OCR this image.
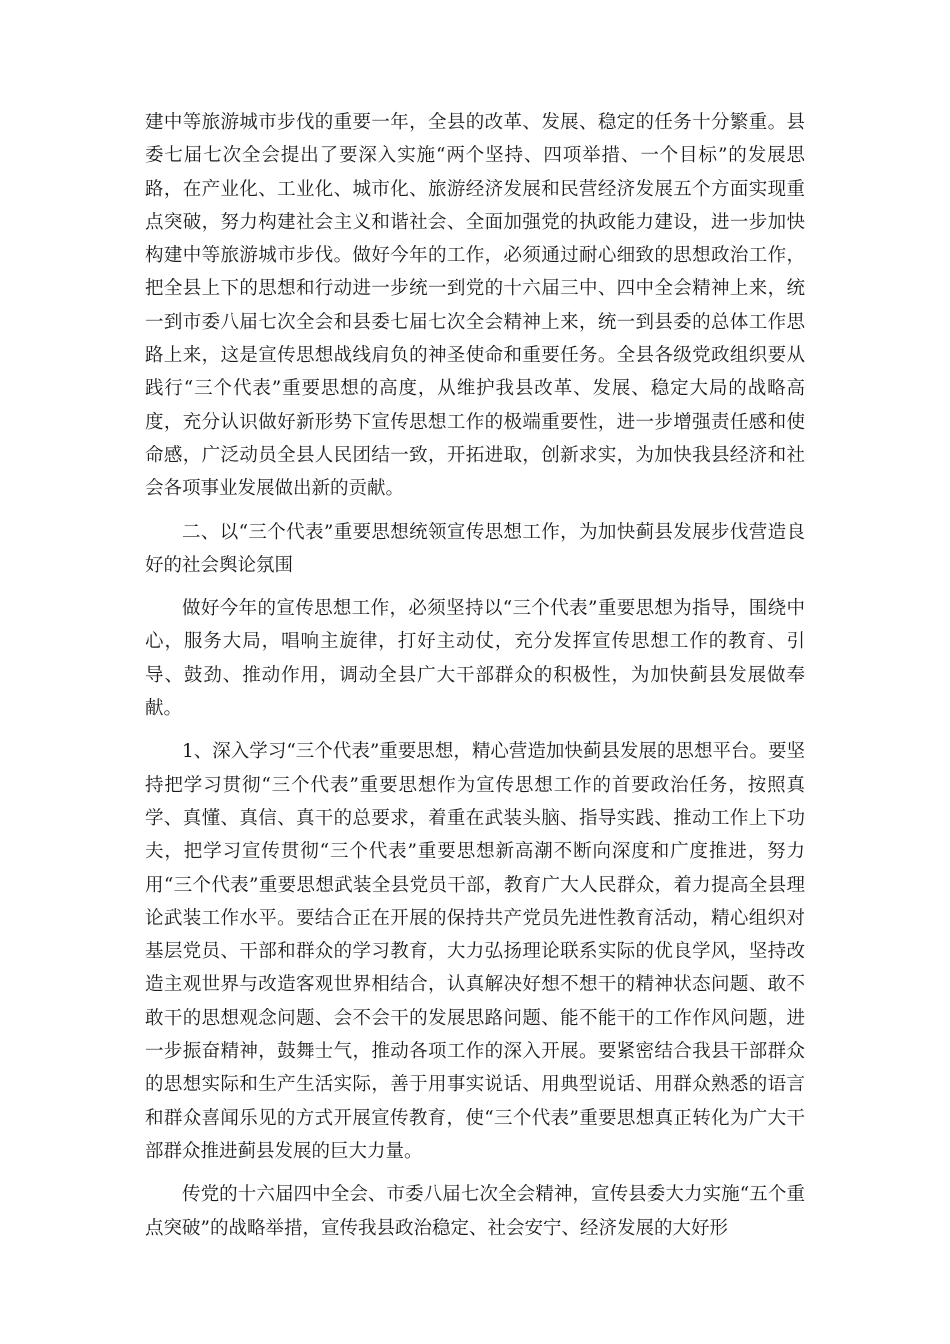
建中等旅游城市步伐的重要一年，全县的改革、发展、稳定的任务十分繁重。县委七届七次全会提出了要深入实施“两个坚持、四项举措、一个目标”的发展思路，在产业化、工业化、城市化、旅游经济发展和民营经济发展五个方面实现重点突破，努力构建社会主义和谐社会、全面加强党的执政能力建设，进一步加快构建中等旅游城市步伐。做好今年的工作，必须通过耐心细致的思想政治工作，把全县上下的思想和行动进一步统一到党的十六届三中、四中全会精神上来，统一到市委八届七次全会和县委七届七次全会精神上来，统一到县委的总体工作思路上来，这是宣传思想战线肩负的神圣使命和重要任务。全县各级党政组织要从践行“三个代表”重要思想的高度，从维护我县改革、发展、稳定大局的战略高度，充分认识做好新形势下宣传思想工作的极端重要性，进一步增强责任感和使命感，广泛动员全县人民团结一致，开拓进取，创新求实，为加快我县经济和社会各项事业发展做出新的贡献。

二、以“三个代表”重要思想统领宣传思想工作，为加快蓟县发展步伐营造良好的社会舆论氛围

做好今年的宣传思想工作，必须坚持以“三个代表”重要思想为指导，围绕中心，服务大局，唱响主旋律，打好主动仗，充分发挥宣传思想工作的教育、引导、鼓劲、推动作用，调动全县广大干部群众的积极性，为加快蓟县发展做奉献。

1、深入学习“三个代表”重要思想，精心营造加快蓟县发展的思想平台。要坚持把学习贯彻“三个代表”重要思想作为宣传思想工作的首要政治任务，按照真学、真懂、真信、真干的总要求，着重在武装头脑、指导实践、推动工作上下功夫，把学习宣传贯彻“三个代表”重要思想新高潮不断向深度和广度推进，努力用“三个代表”重要思想武装全县党员干部，教育广大人民群众，着力提高全县理论武装工作水平。要结合正在开展的保持共产党员先进性教育活动，精心组织对基层党员、干部和群众的学习教育，大力弘扬理论联系实际的优良学风，坚持改造主观世界与改造客观世界相结合，认真解决好想不想干的精神状态问题、敢不敢干的思想观念问题、会不会干的发展思路问题、能不能干的工作作风问题，进一步振奋精神，鼓舞士气，推动各项工作的深入开展。要紧密结合我县干部群众的思想实际和生产生活实际，善于用事实说话、用典型说话、用群众熟悉的语言和群众喜闻乐见的方式开展宣传教育，使“三个代表”重要思想真正转化为广大干部群众推进蓟县发展的巨大力量。

传党的十六届四中全会、市委八届七次全会精神，宣传县委大力实施“五个重点突破”的战略举措，宣传我县政治稳定、社会安宁、经济发展的大好形
